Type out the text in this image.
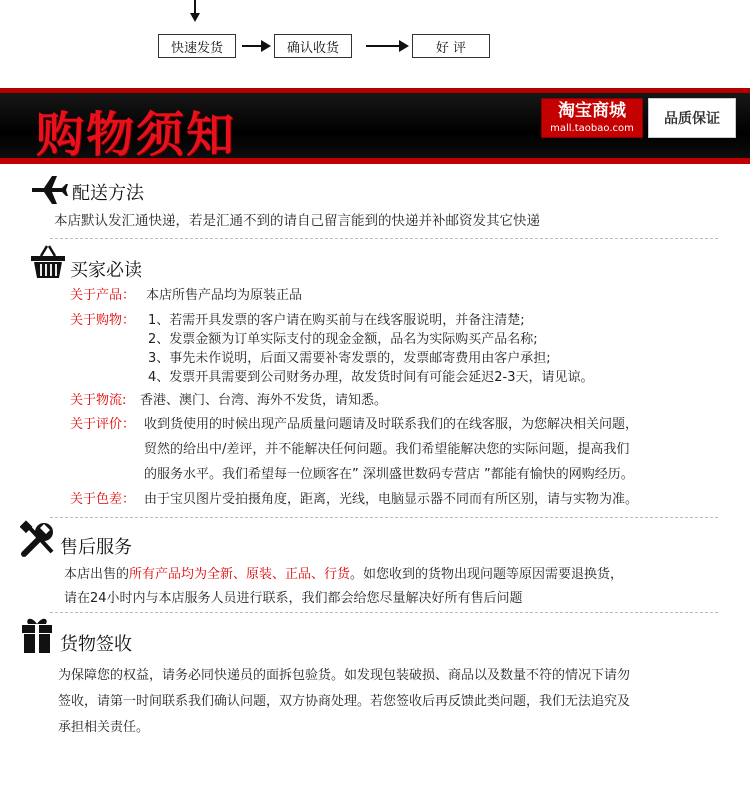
快速发货	确认收货	好 评
购物须知	淘宝商城
mall.taobao.com
品质保证
配送方法
本店默认发汇通快递，若是汇通不到的请自己留言能到的快递并补邮资发其它快递
买家必读
关于产品： 本店所售产品均为原装正品
关于购物： 1、若需开具发票的客户请在购买前与在线客服说明，并备注清楚;
2、发票金额为订单实际支付的现金金额，品名为实际购买产品名称;
3、事先未作说明，后面又需要补寄发票的，发票邮寄费用由客户承担;
4、发票开具需要到公司财务办理，故发货时间有可能会延迟2-3天，请见谅。
关于物流: 香港、澳门、台湾、海外不发货，请知悉。
关于评价： 收到货使用的时候出现产品质量问题请及时联系我们的在线客服，为您解决相关问题，
贸然的给出中/差评，并不能解决任何问题。我们希望能解决您的实际问题，提高我们
的服务水平。我们希望每一位顾客在” 深圳盛世数码专营店 ”都能有愉快的网购经历。
关于色差： 由于宝贝图片受拍摄角度，距离，光线，电脑显示器不同而有所区别，请与实物为准。
售后服务
本店出售的所有产品均为全新、原装、正品、行货。如您收到的货物出现问题等原因需要退换货，
请在24小时内与本店服务人员进行联系，我们都会给您尽量解决好所有售后问题
货物签收
为保障您的权益，请务必同快递员的面拆包验货。如发现包装破损、商品以及数量不符的情况下请勿
签收，请第一时间联系我们确认问题，双方协商处理。若您签收后再反馈此类问题，我们无法追究及
承担相关责任。
